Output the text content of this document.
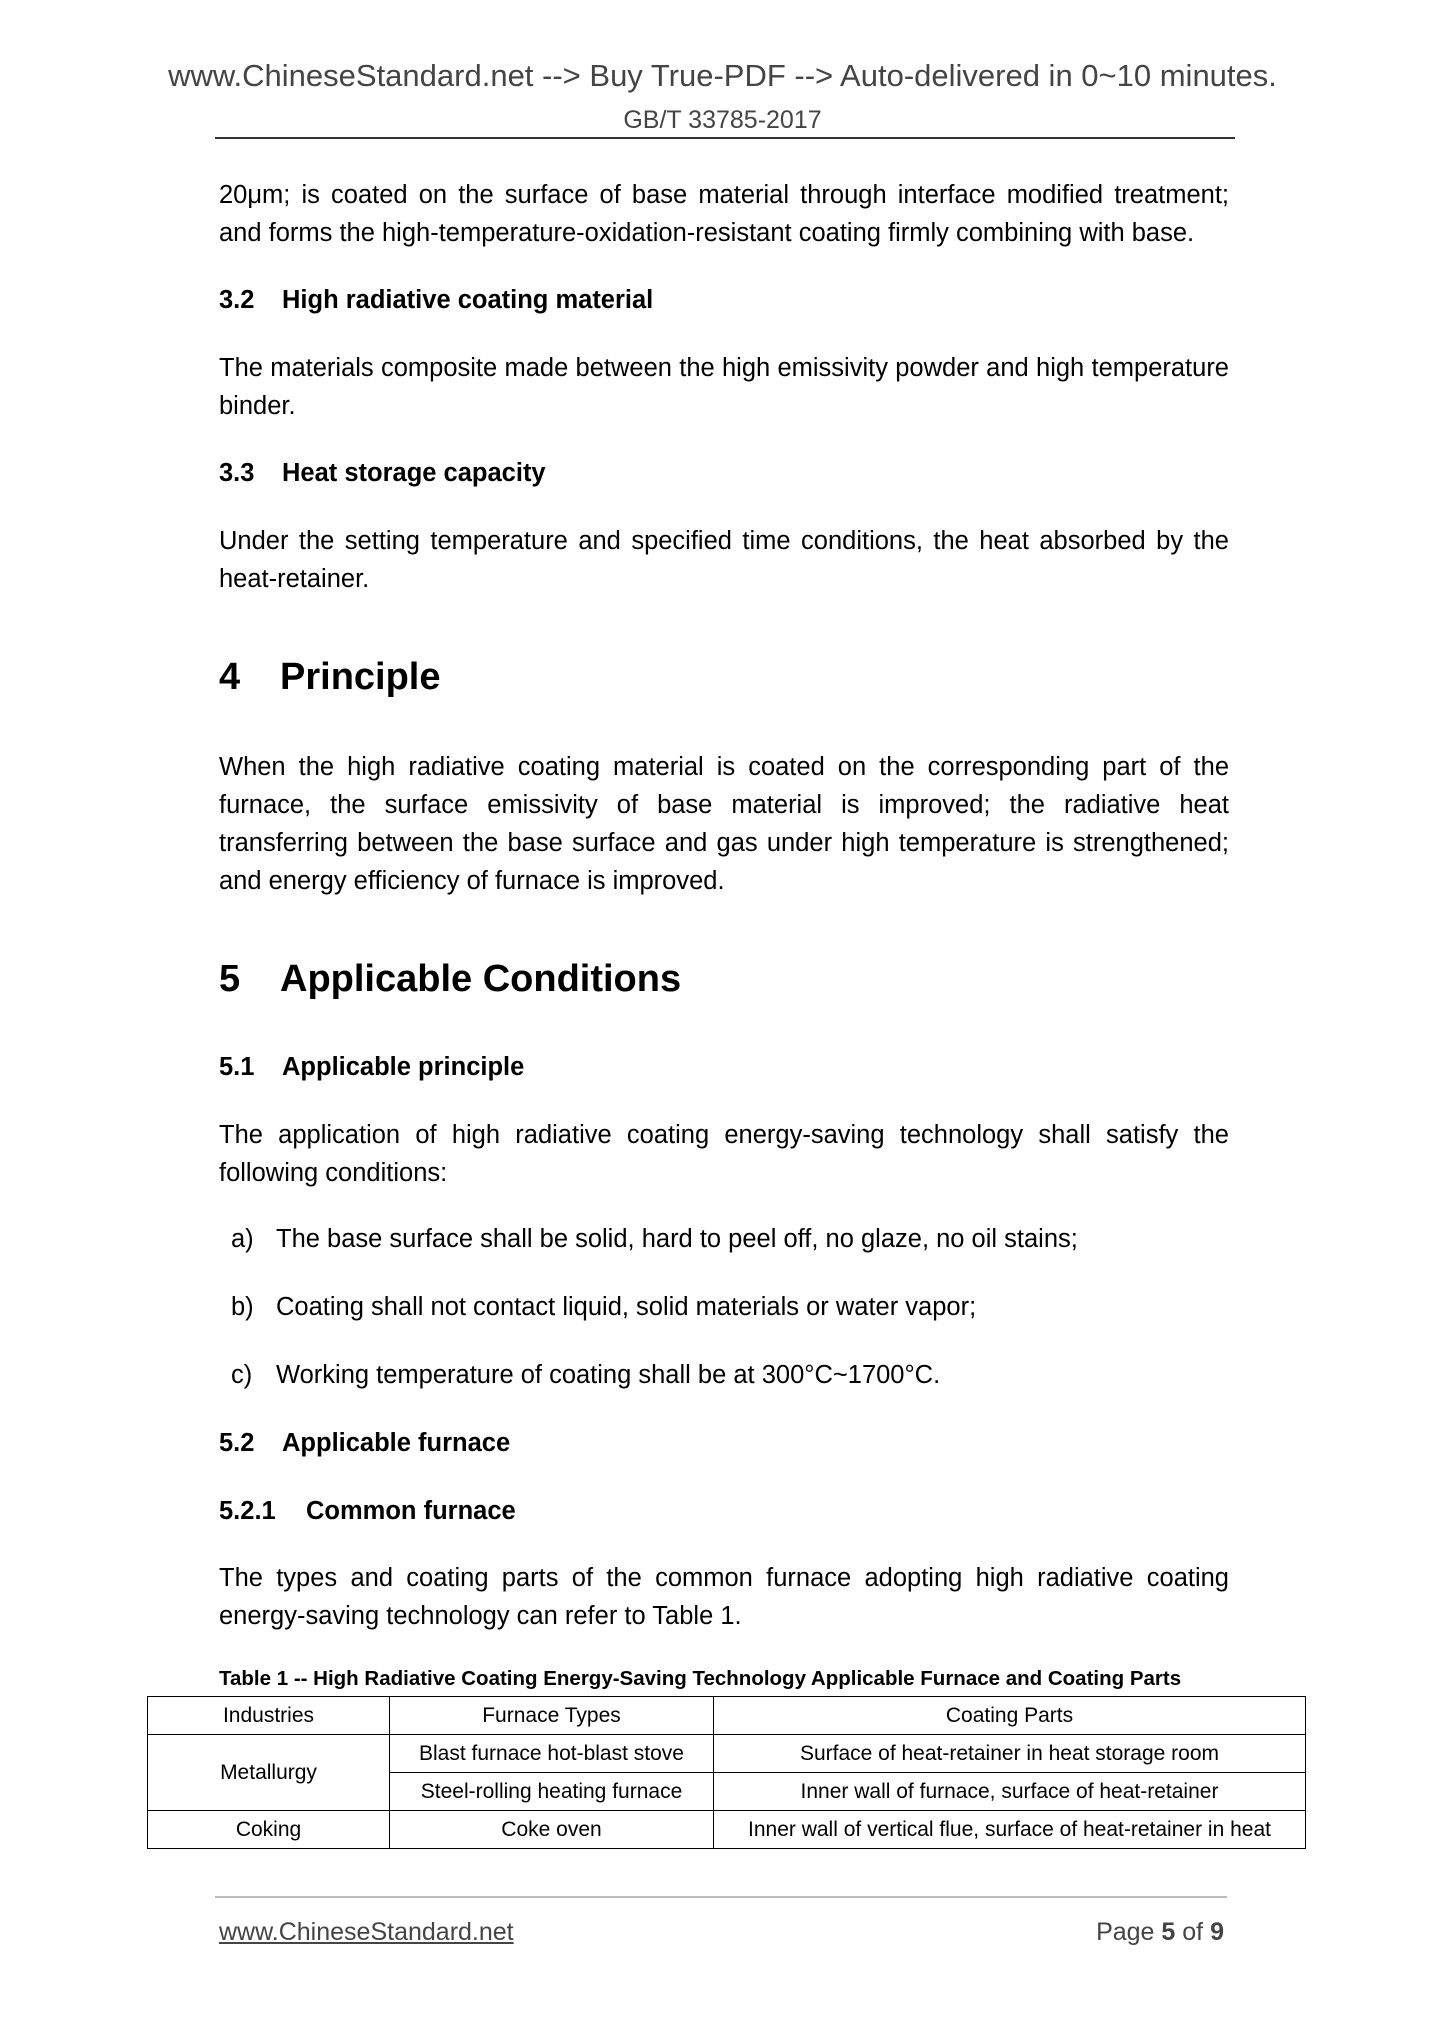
www.ChineseStandard.net --> Buy True-PDF --> Auto-delivered in 0~10 minutes.
GB/T 33785-2017

20μm; is coated on the surface of base material through interface modified treatment; and forms the high-temperature-oxidation-resistant coating firmly combining with base.

3.2 High radiative coating material

The materials composite made between the high emissivity powder and high temperature binder.

3.3 Heat storage capacity

Under the setting temperature and specified time conditions, the heat absorbed by the heat-retainer.

4 Principle

When the high radiative coating material is coated on the corresponding part of the furnace, the surface emissivity of base material is improved; the radiative heat transferring between the base surface and gas under high temperature is strengthened; and energy efficiency of furnace is improved.

5 Applicable Conditions
5.1 Applicable principle

The application of high radiative coating energy-saving technology shall satisfy the following conditions:

a) The base surface shall be solid, hard to peel off, no glaze, no oil stains;
b) Coating shall not contact liquid, solid materials or water vapor;
c) Working temperature of coating shall be at 300°C~1700°C.
5.2 Applicable furnace
5.2.1 Common furnace

The types and coating parts of the common furnace adopting high radiative coating energy-saving technology can refer to Table 1.

Table 1 -- High Radiative Coating Energy-Saving Technology Applicable Furnace and Coating Parts
Industries	Furnace Types	Coating Parts
Metallurgy	Blast furnace hot-blast stove	Surface of heat-retainer in heat storage room
	Steel-rolling heating furnace	Inner wall of furnace, surface of heat-retainer
Coking	Coke oven	Inner wall of vertical flue, surface of heat-retainer in heat
www.ChineseStandard.net	Page 5 of 9
